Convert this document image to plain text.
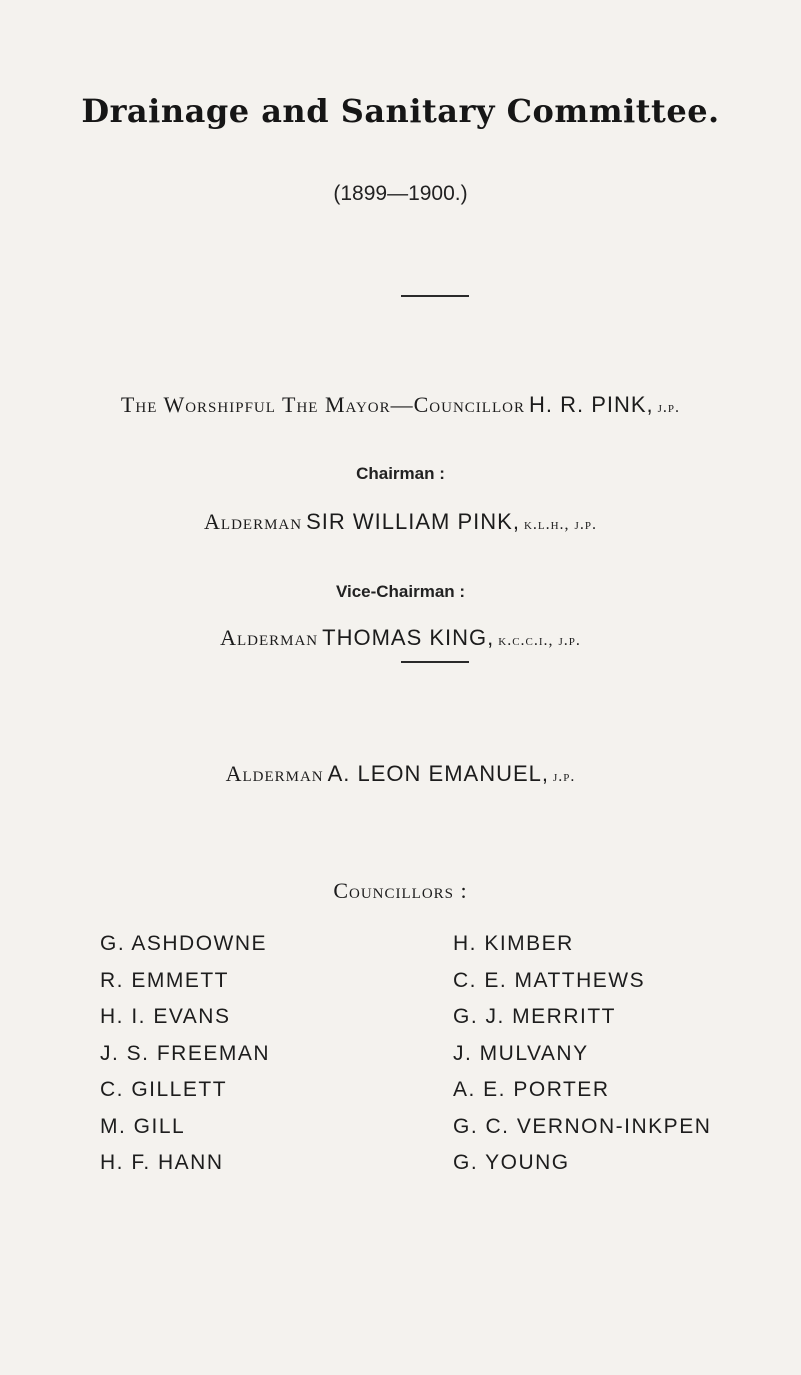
Drainage and Sanitary Committee.
(1899—1900.)
The Worshipful The Mayor—Councillor H. R. PINK, j.p.
Chairman :
Alderman SIR WILLIAM PINK, k.l.h., j.p.
Vice-Chairman :
Alderman THOMAS KING, k.c.c.i., j.p.
Alderman A. LEON EMANUEL, j.p.
Councillors :
G. ASHDOWNE
R. EMMETT
H. I. EVANS
J. S. FREEMAN
C. GILLETT
M. GILL
H. F. HANN
H. KIMBER
C. E. MATTHEWS
G. J. MERRITT
J. MULVANY
A. E. PORTER
G. C. VERNON-INKPEN
G. YOUNG
